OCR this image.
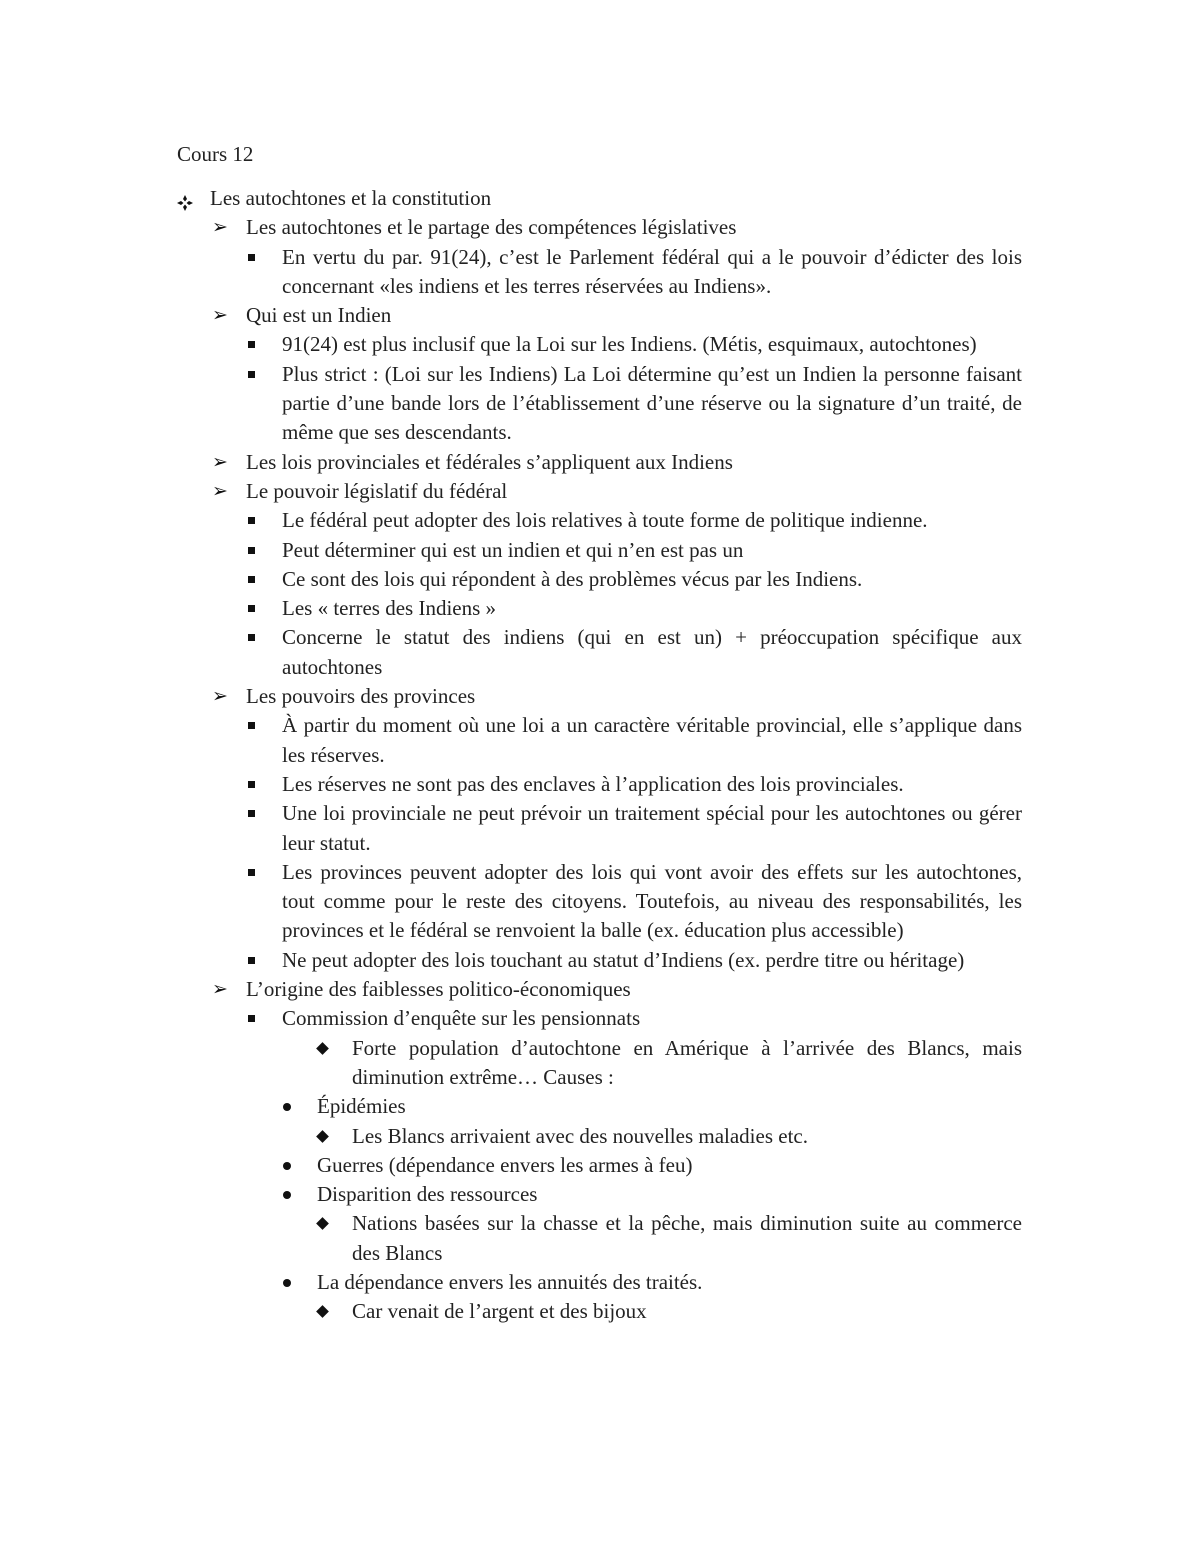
Cours 12
Les autochtones et la constitution
➢ Les autochtones et le partage des compétences législatives
En vertu du par. 91(24), c’est le Parlement fédéral qui a le pouvoir d’édicter des lois concernant «les indiens et les terres réservées au Indiens».
➢ Qui est un Indien
91(24) est plus inclusif que la Loi sur les Indiens. (Métis, esquimaux, autochtones)
Plus strict : (Loi sur les Indiens) La Loi détermine qu’est un Indien la personne faisant partie d’une bande lors de l’établissement d’une réserve ou la signature d’un traité, de même que ses descendants.
➢ Les lois provinciales et fédérales s’appliquent aux Indiens
➢ Le pouvoir législatif du fédéral
Le fédéral peut adopter des lois relatives à toute forme de politique indienne.
Peut déterminer qui est un indien et qui n’en est pas un
Ce sont des lois qui répondent à des problèmes vécus par les Indiens.
Les « terres des Indiens »
Concerne le statut des indiens (qui en est un) + préoccupation spécifique aux autochtones
➢ Les pouvoirs des provinces
À partir du moment où une loi a un caractère véritable provincial, elle s’applique dans les réserves.
Les réserves ne sont pas des enclaves à l’application des lois provinciales.
Une loi provinciale ne peut prévoir un traitement spécial pour les autochtones ou gérer leur statut.
Les provinces peuvent adopter des lois qui vont avoir des effets sur les autochtones, tout comme pour le reste des citoyens. Toutefois, au niveau des responsabilités, les provinces et le fédéral se renvoient la balle (ex. éducation plus accessible)
Ne peut adopter des lois touchant au statut d’Indiens (ex. perdre titre ou héritage)
➢ L’origine des faiblesses politico-économiques
Commission d’enquête sur les pensionnats
Forte population d’autochtone en Amérique à l’arrivée des Blancs, mais diminution extrême… Causes :
Épidémies
Les Blancs arrivaient avec des nouvelles maladies etc.
Guerres (dépendance envers les armes à feu)
Disparition des ressources
Nations basées sur la chasse et la pêche, mais diminution suite au commerce des Blancs
La dépendance envers les annuités des traités.
Car venait de l’argent et des bijoux
